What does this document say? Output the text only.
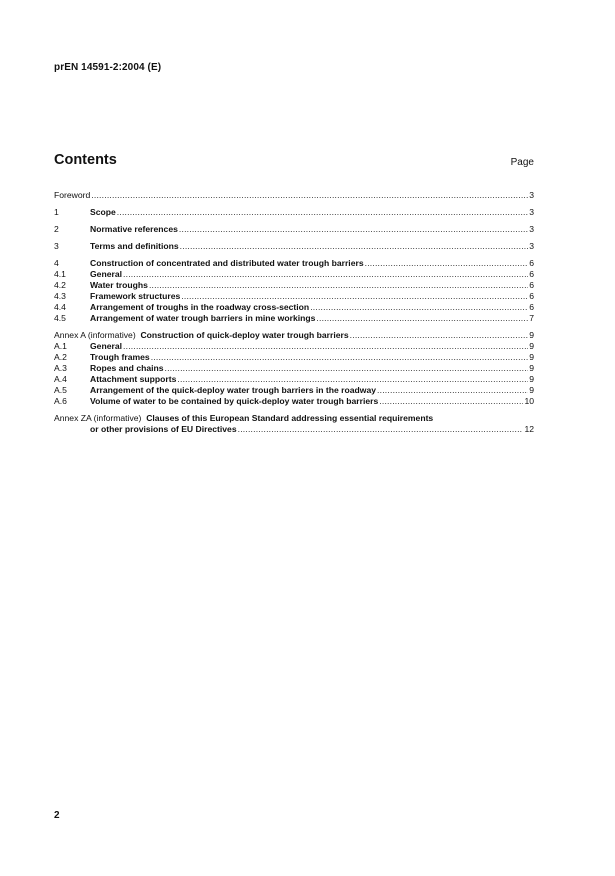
prEN 14591-2:2004 (E)
Contents	Page
Foreword .....	3
1	Scope .....	3
2	Normative references .....	3
3	Terms and definitions .....	3
4	Construction of concentrated and distributed water trough barriers .....	6
4.1	General .....	6
4.2	Water troughs .....	6
4.3	Framework structures .....	6
4.4	Arrangement of troughs in the roadway cross-section .....	6
4.5	Arrangement of water trough barriers in mine workings .....	7
Annex A (informative) Construction of quick-deploy water trough barriers .....	9
A.1	General .....	9
A.2	Trough frames .....	9
A.3	Ropes and chains .....	9
A.4	Attachment supports .....	9
A.5	Arrangement of the quick-deploy water trough barriers in the roadway .....	9
A.6	Volume of water to be contained by quick-deploy water trough barriers .....	10
Annex ZA (informative) Clauses of this European Standard addressing essential requirements
or other provisions of EU Directives .....	12
2
